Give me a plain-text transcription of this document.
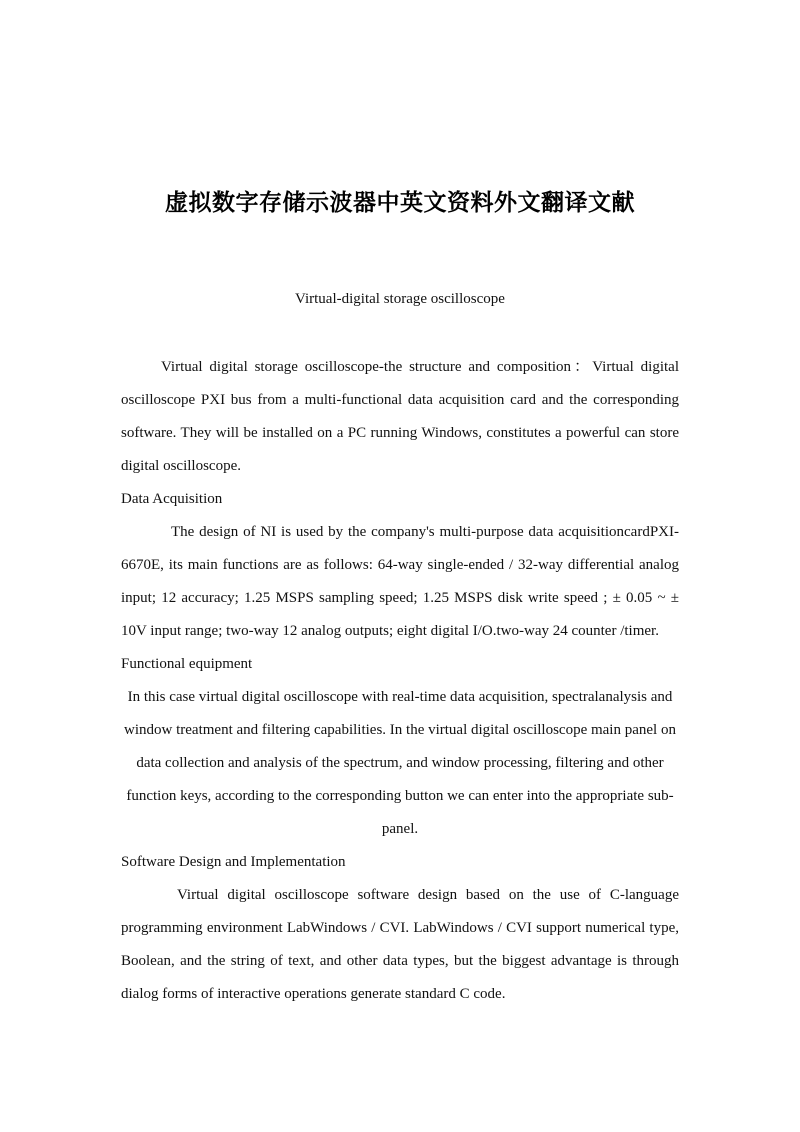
虚拟数字存储示波器中英文资料外文翻译文献

Virtual-digital storage oscilloscope

Virtual digital storage oscilloscope-the structure and composition：Virtual digital oscilloscope PXI bus from a multi-functional data acquisition card and the corresponding software. They will be installed on a PC running Windows, constitutes a powerful can store digital oscilloscope.

Data Acquisition

The design of NI is used by the company's multi-purpose data acquisitioncardPXI-6670E, its main functions are as follows: 64-way single-ended / 32-way differential analog input; 12 accuracy; 1.25 MSPS sampling speed; 1.25 MSPS disk write speed ; ± 0.05 ~ ± 10V input range; two-way 12 analog outputs; eight digital I/O.two-way 24 counter /timer.

Functional equipment

In this case virtual digital oscilloscope with real-time data acquisition, spectralanalysis and window treatment and filtering capabilities. In the virtual digital oscilloscope main panel on data collection and analysis of the spectrum, and window processing, filtering and other function keys, according to the corresponding button we can enter into the appropriate sub-panel.

Software Design and Implementation

Virtual digital oscilloscope software design based on the use of C-language programming environment LabWindows / CVI. LabWindows / CVI support numerical type, Boolean, and the string of text, and other data types, but the biggest advantage is through dialog forms of interactive operations generate standard C code.
